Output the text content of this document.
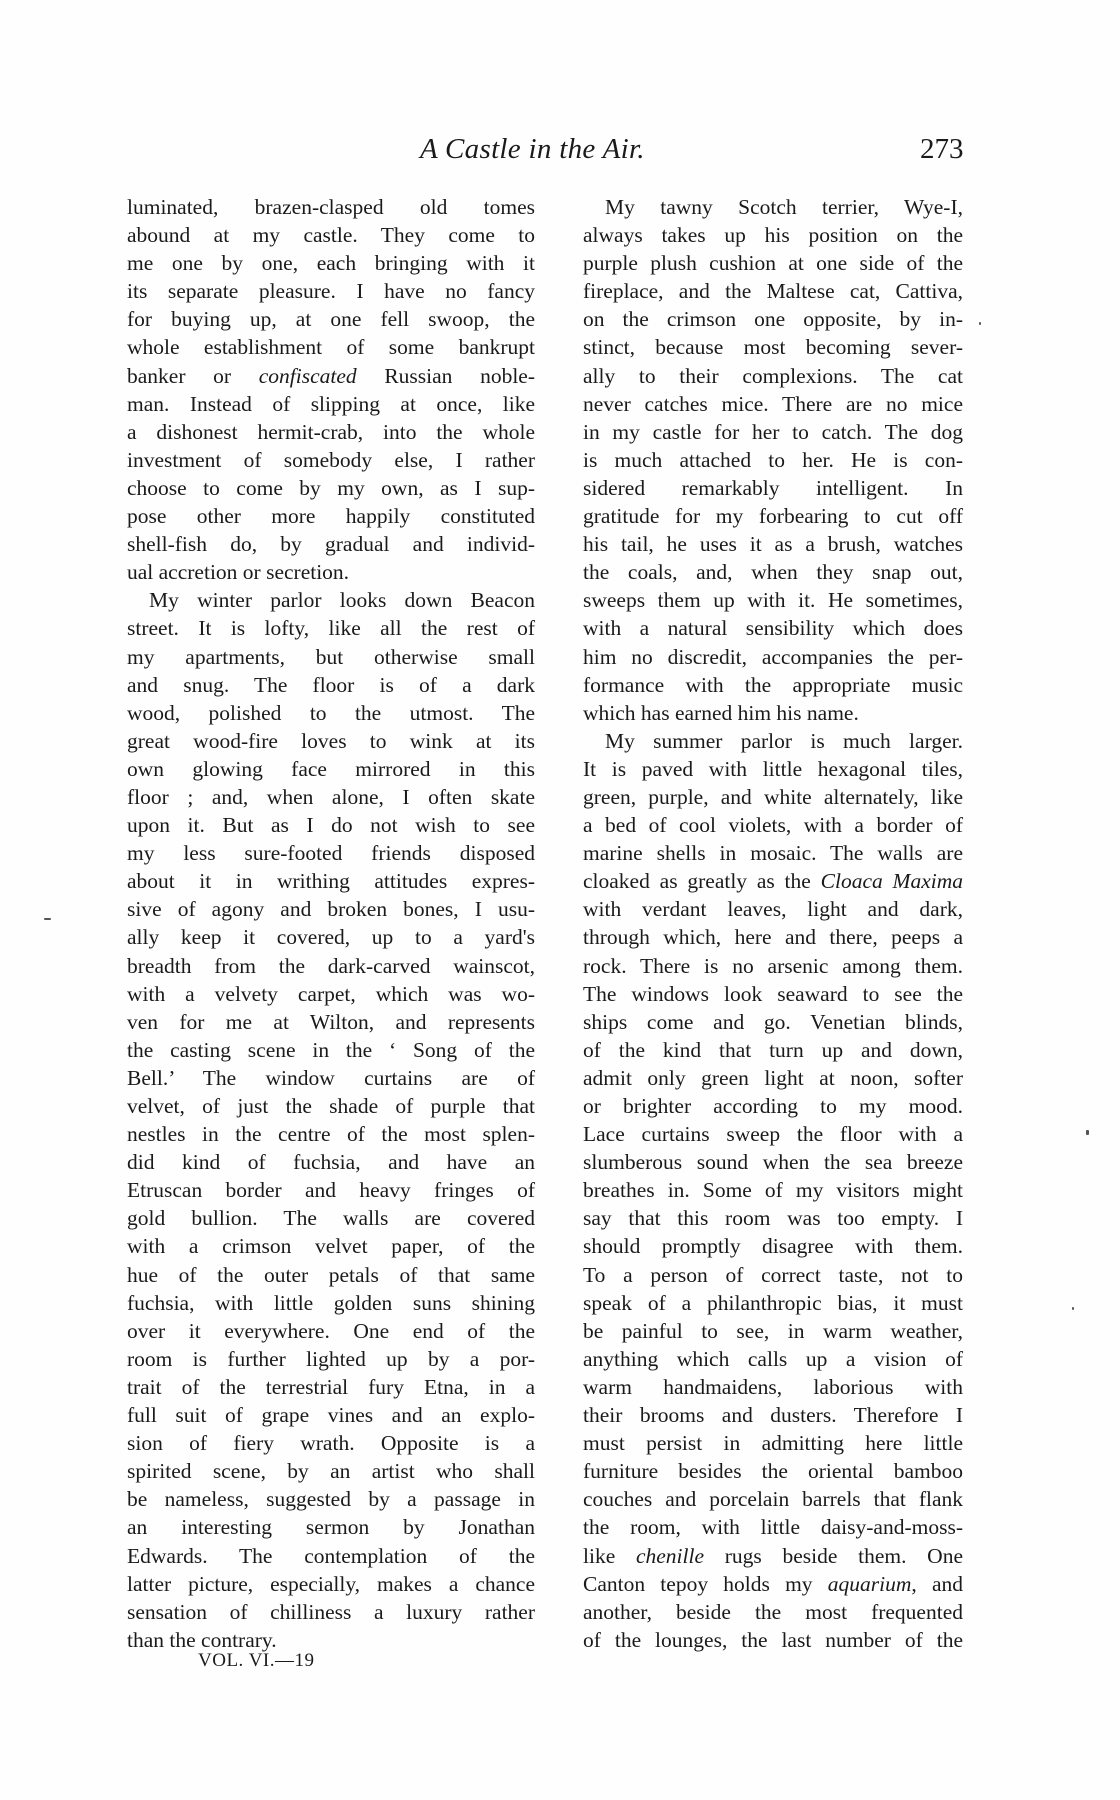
A Castle in the Air.	273
luminated, brazen-clasped old tomes
abound at my castle. They come to
me one by one, each bringing with it
its separate pleasure. I have no fancy
for buying up, at one fell swoop, the
whole establishment of some bankrupt
banker or confiscated Russian noble-
man. Instead of slipping at once, like
a dishonest hermit-crab, into the whole
investment of somebody else, I rather
choose to come by my own, as I sup-
pose other more happily constituted
shell-fish do, by gradual and individ-
ual accretion or secretion.
My winter parlor looks down Beacon
street. It is lofty, like all the rest of
my apartments, but otherwise small
and snug. The floor is of a dark
wood, polished to the utmost. The
great wood-fire loves to wink at its
own glowing face mirrored in this
floor ; and, when alone, I often skate
upon it. But as I do not wish to see
my less sure-footed friends disposed
about it in writhing attitudes expres-
sive of agony and broken bones, I usu-
ally keep it covered, up to a yard's
breadth from the dark-carved wainscot,
with a velvety carpet, which was wo-
ven for me at Wilton, and represents
the casting scene in the ‘ Song of the
Bell.’ The window curtains are of
velvet, of just the shade of purple that
nestles in the centre of the most splen-
did kind of fuchsia, and have an
Etruscan border and heavy fringes of
gold bullion. The walls are covered
with a crimson velvet paper, of the
hue of the outer petals of that same
fuchsia, with little golden suns shining
over it everywhere. One end of the
room is further lighted up by a por-
trait of the terrestrial fury Etna, in a
full suit of grape vines and an explo-
sion of fiery wrath. Opposite is a
spirited scene, by an artist who shall
be nameless, suggested by a passage in
an interesting sermon by Jonathan
Edwards. The contemplation of the
latter picture, especially, makes a chance
sensation of chilliness a luxury rather
than the contrary.
My tawny Scotch terrier, Wye-I,
always takes up his position on the
purple plush cushion at one side of the
fireplace, and the Maltese cat, Cattiva,
on the crimson one opposite, by in-
stinct, because most becoming sever-
ally to their complexions. The cat
never catches mice. There are no mice
in my castle for her to catch. The dog
is much attached to her. He is con-
sidered remarkably intelligent. In
gratitude for my forbearing to cut off
his tail, he uses it as a brush, watches
the coals, and, when they snap out,
sweeps them up with it. He sometimes,
with a natural sensibility which does
him no discredit, accompanies the per-
formance with the appropriate music
which has earned him his name.
My summer parlor is much larger.
It is paved with little hexagonal tiles,
green, purple, and white alternately, like
a bed of cool violets, with a border of
marine shells in mosaic. The walls are
cloaked as greatly as the Cloaca Maxima
with verdant leaves, light and dark,
through which, here and there, peeps a
rock. There is no arsenic among them.
The windows look seaward to see the
ships come and go. Venetian blinds,
of the kind that turn up and down,
admit only green light at noon, softer
or brighter according to my mood.
Lace curtains sweep the floor with a
slumberous sound when the sea breeze
breathes in. Some of my visitors might
say that this room was too empty. I
should promptly disagree with them.
To a person of correct taste, not to
speak of a philanthropic bias, it must
be painful to see, in warm weather,
anything which calls up a vision of
warm handmaidens, laborious with
their brooms and dusters. Therefore I
must persist in admitting here little
furniture besides the oriental bamboo
couches and porcelain barrels that flank
the room, with little daisy-and-moss-
like chenille rugs beside them. One
Canton tepoy holds my aquarium, and
another, beside the most frequented
of the lounges, the last number of the
VOL. VI.—19
